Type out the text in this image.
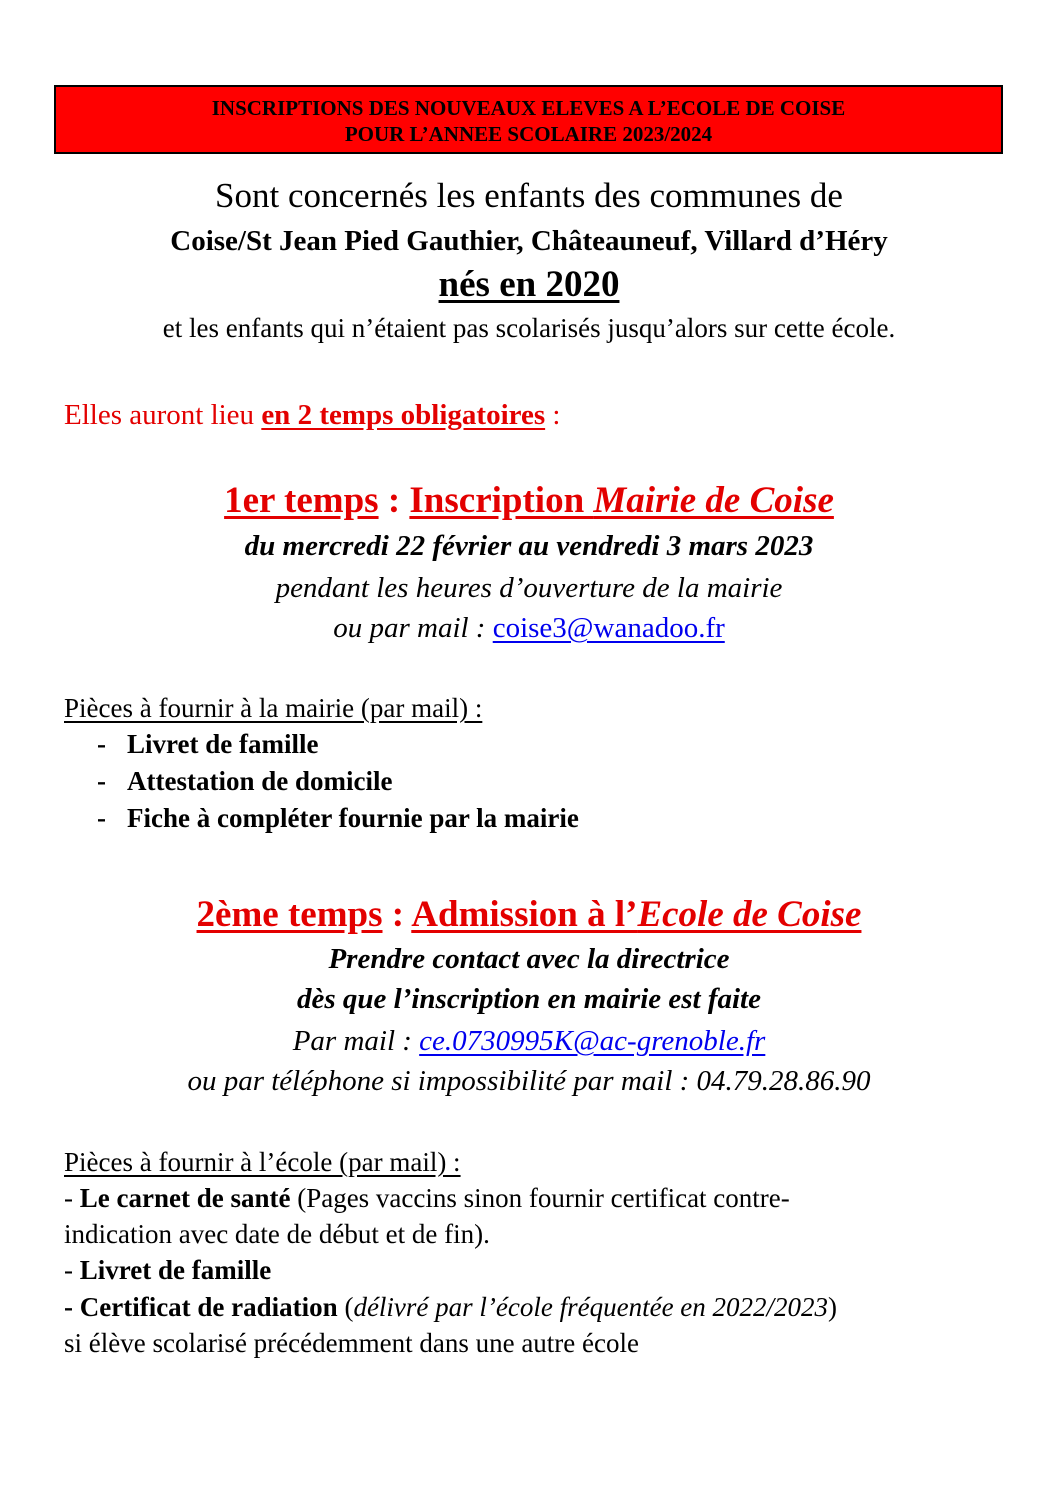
INSCRIPTIONS DES NOUVEAUX ELEVES A L’ECOLE DE COISE
POUR L’ANNEE SCOLAIRE 2023/2024
Sont concernés les enfants des communes de
Coise/St Jean Pied Gauthier, Châteauneuf, Villard d’Héry
nés en 2020
et les enfants qui n’étaient pas scolarisés jusqu’alors sur cette école.
Elles auront lieu en 2 temps obligatoires :
1er temps : Inscription Mairie de Coise
du mercredi 22 février au vendredi 3 mars 2023
pendant les heures d’ouverture de la mairie
ou par mail : coise3@wanadoo.fr
Pièces à fournir à la mairie (par mail) :
- Livret de famille
- Attestation de domicile
- Fiche à compléter fournie par la mairie
2ème temps : Admission à l’Ecole de Coise
Prendre contact avec la directrice
dès que l’inscription en mairie est faite
Par mail : ce.0730995K@ac-grenoble.fr
ou par téléphone si impossibilité par mail : 04.79.28.86.90
Pièces à fournir à l’école (par mail) :
- Le carnet de santé (Pages vaccins sinon fournir certificat contre-
indication avec date de début et de fin).
- Livret de famille
- Certificat de radiation (délivré par l’école fréquentée en 2022/2023)
si élève scolarisé précédemment dans une autre école
